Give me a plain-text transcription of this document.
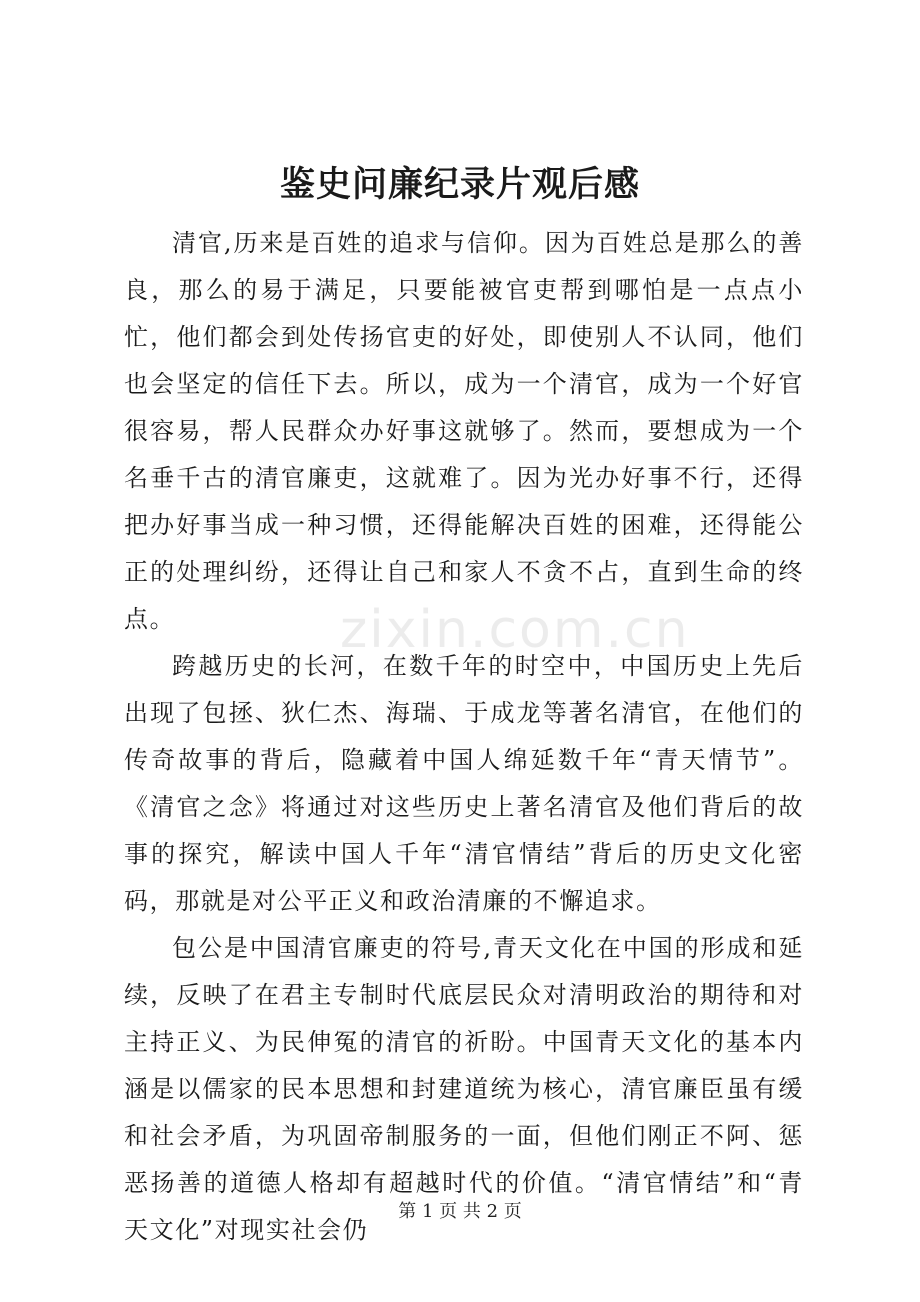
鉴史问廉纪录片观后感

清官,历来是百姓的追求与信仰。因为百姓总是那么的善良，那么的易于满足，只要能被官吏帮到哪怕是一点点小忙，他们都会到处传扬官吏的好处，即使别人不认同，他们也会坚定的信任下去。所以，成为一个清官，成为一个好官很容易，帮人民群众办好事这就够了。然而，要想成为一个名垂千古的清官廉吏，这就难了。因为光办好事不行，还得把办好事当成一种习惯，还得能解决百姓的困难，还得能公正的处理纠纷，还得让自己和家人不贪不占，直到生命的终点。

跨越历史的长河，在数千年的时空中，中国历史上先后出现了包拯、狄仁杰、海瑞、于成龙等著名清官，在他们的传奇故事的背后，隐藏着中国人绵延数千年“青天情节”。《清官之念》将通过对这些历史上著名清官及他们背后的故事的探究，解读中国人千年“清官情结”背后的历史文化密码，那就是对公平正义和政治清廉的不懈追求。

包公是中国清官廉吏的符号,青天文化在中国的形成和延续，反映了在君主专制时代底层民众对清明政治的期待和对主持正义、为民伸冤的清官的祈盼。中国青天文化的基本内涵是以儒家的民本思想和封建道统为核心，清官廉臣虽有缓和社会矛盾，为巩固帝制服务的一面，但他们刚正不阿、惩恶扬善的道德人格却有超越时代的价值。“清官情结”和“青天文化”对现实社会仍

zixin.com.cn
第 1 页 共 2 页
